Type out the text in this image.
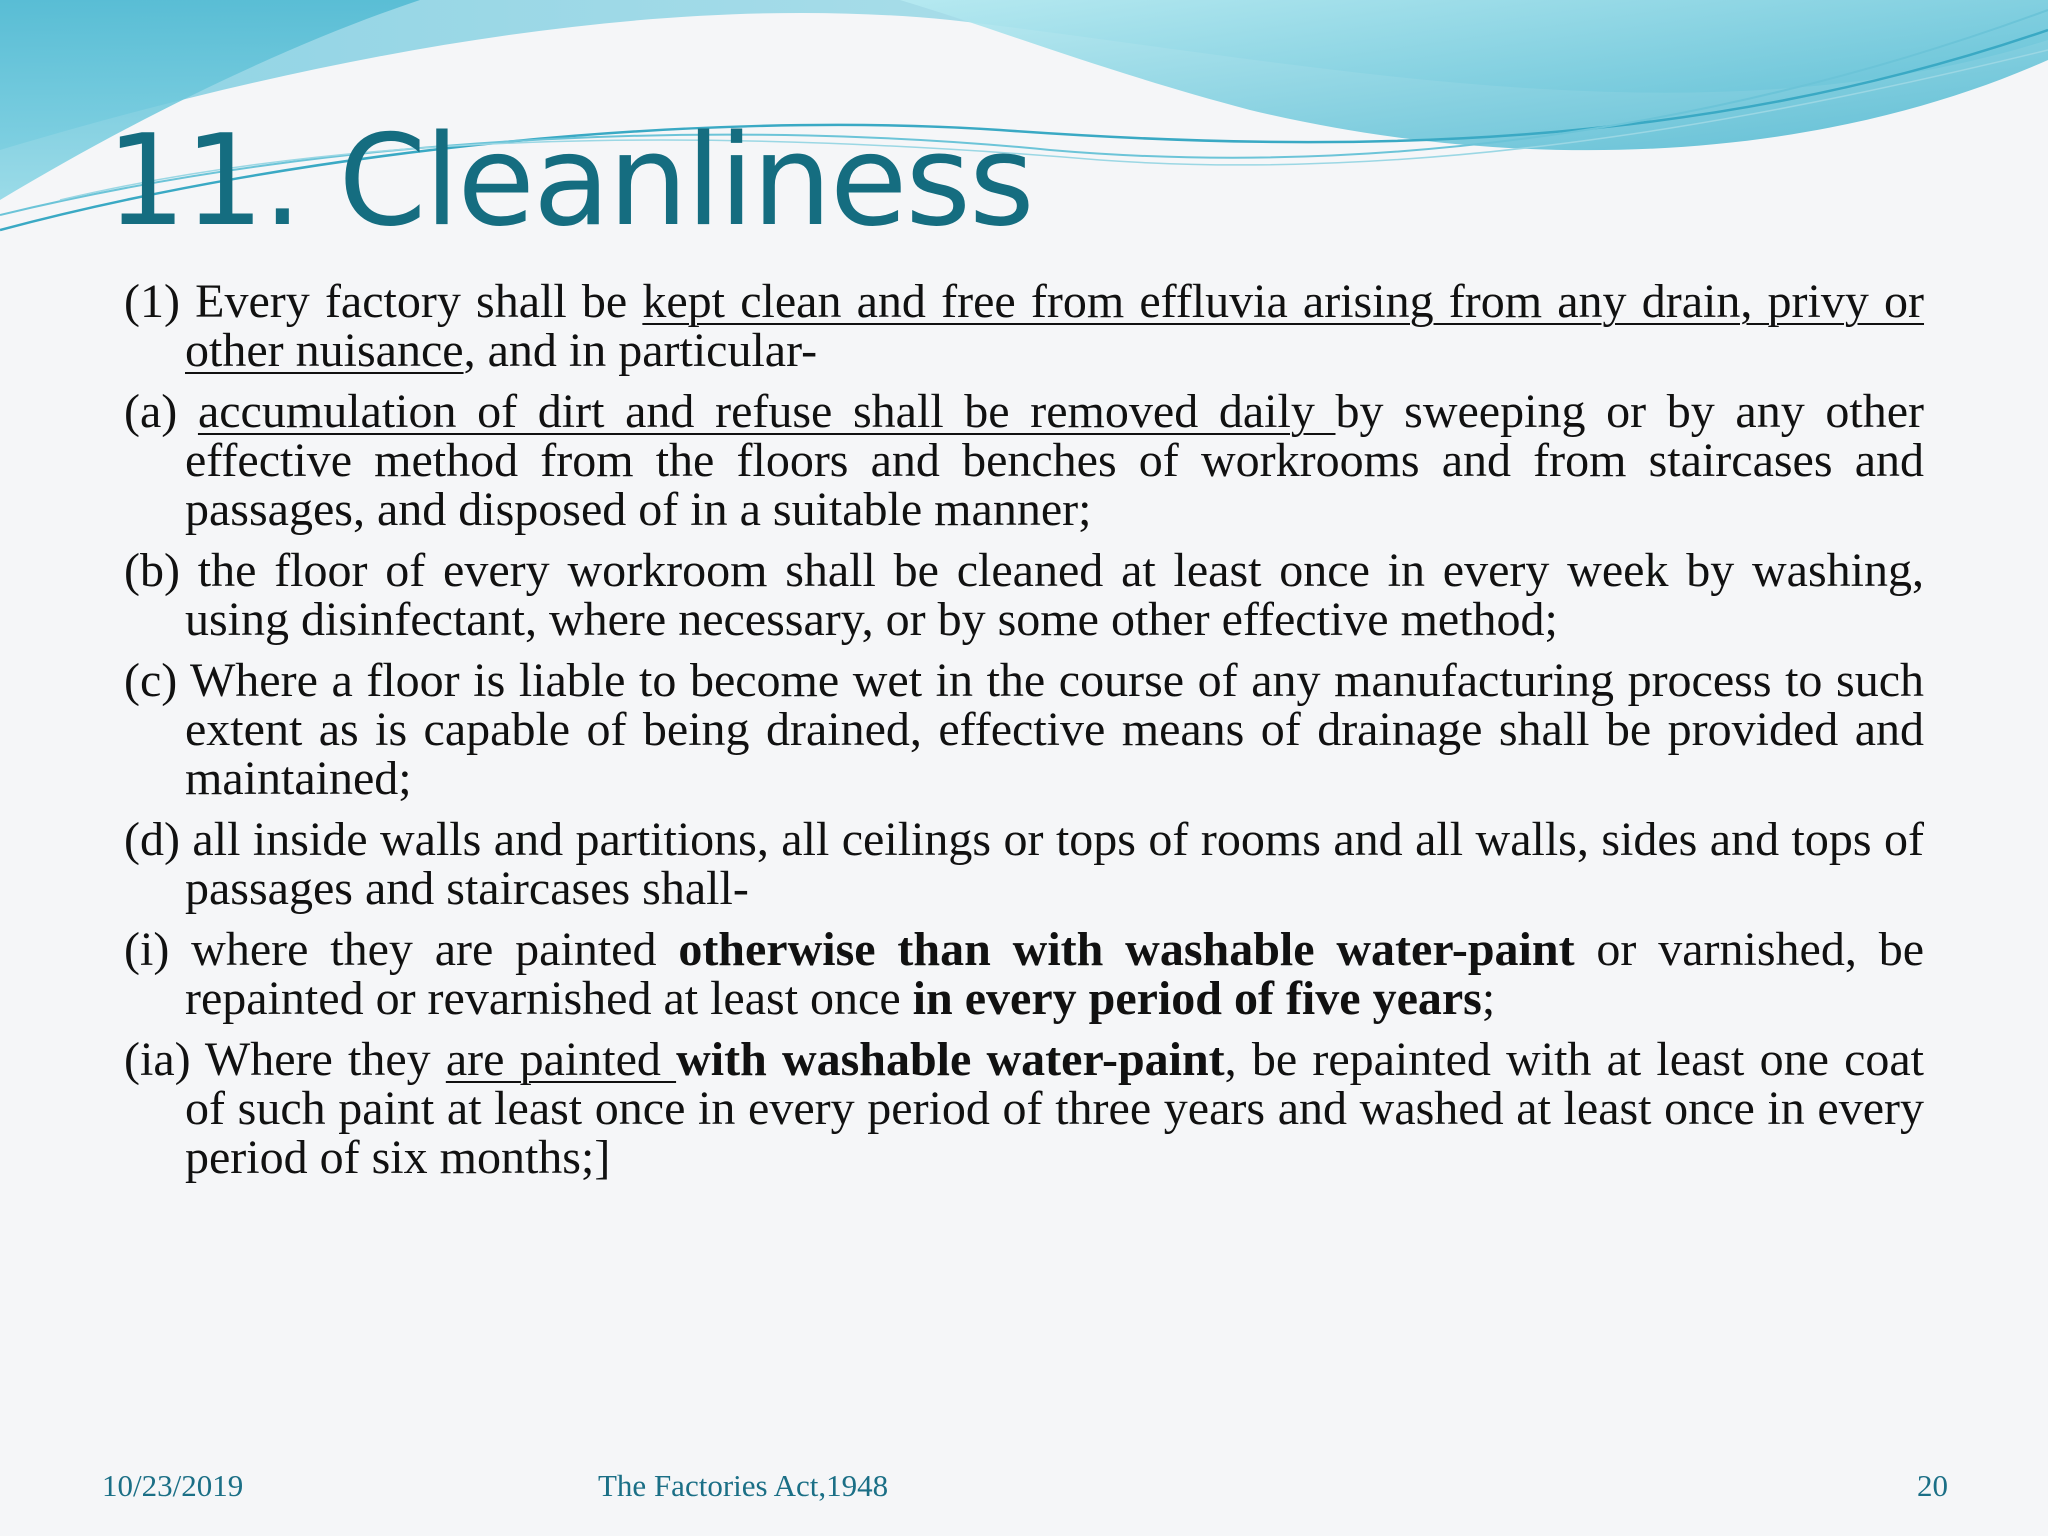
11. Cleanliness

(1) Every factory shall be kept clean and free from effluvia arising from any drain, privy or other nuisance, and in particular-

(a) accumulation of dirt and refuse shall be removed daily by sweeping or by any other effective method from the floors and benches of workrooms and from staircases and passages, and disposed of in a suitable manner;

(b) the floor of every workroom shall be cleaned at least once in every week by washing, using disinfectant, where necessary, or by some other effective method;

(c) Where a floor is liable to become wet in the course of any manufacturing process to such extent as is capable of being drained, effective means of drainage shall be provided and maintained;

(d) all inside walls and partitions, all ceilings or tops of rooms and all walls, sides and tops of passages and staircases shall-

(i) where they are painted otherwise than with washable water-paint or varnished, be repainted or revarnished at least once in every period of five years;

(ia) Where they are painted with washable water-paint, be repainted with at least one coat of such paint at least once in every period of three years and washed at least once in every period of six months;]

10/23/2019	The Factories Act,1948	20
